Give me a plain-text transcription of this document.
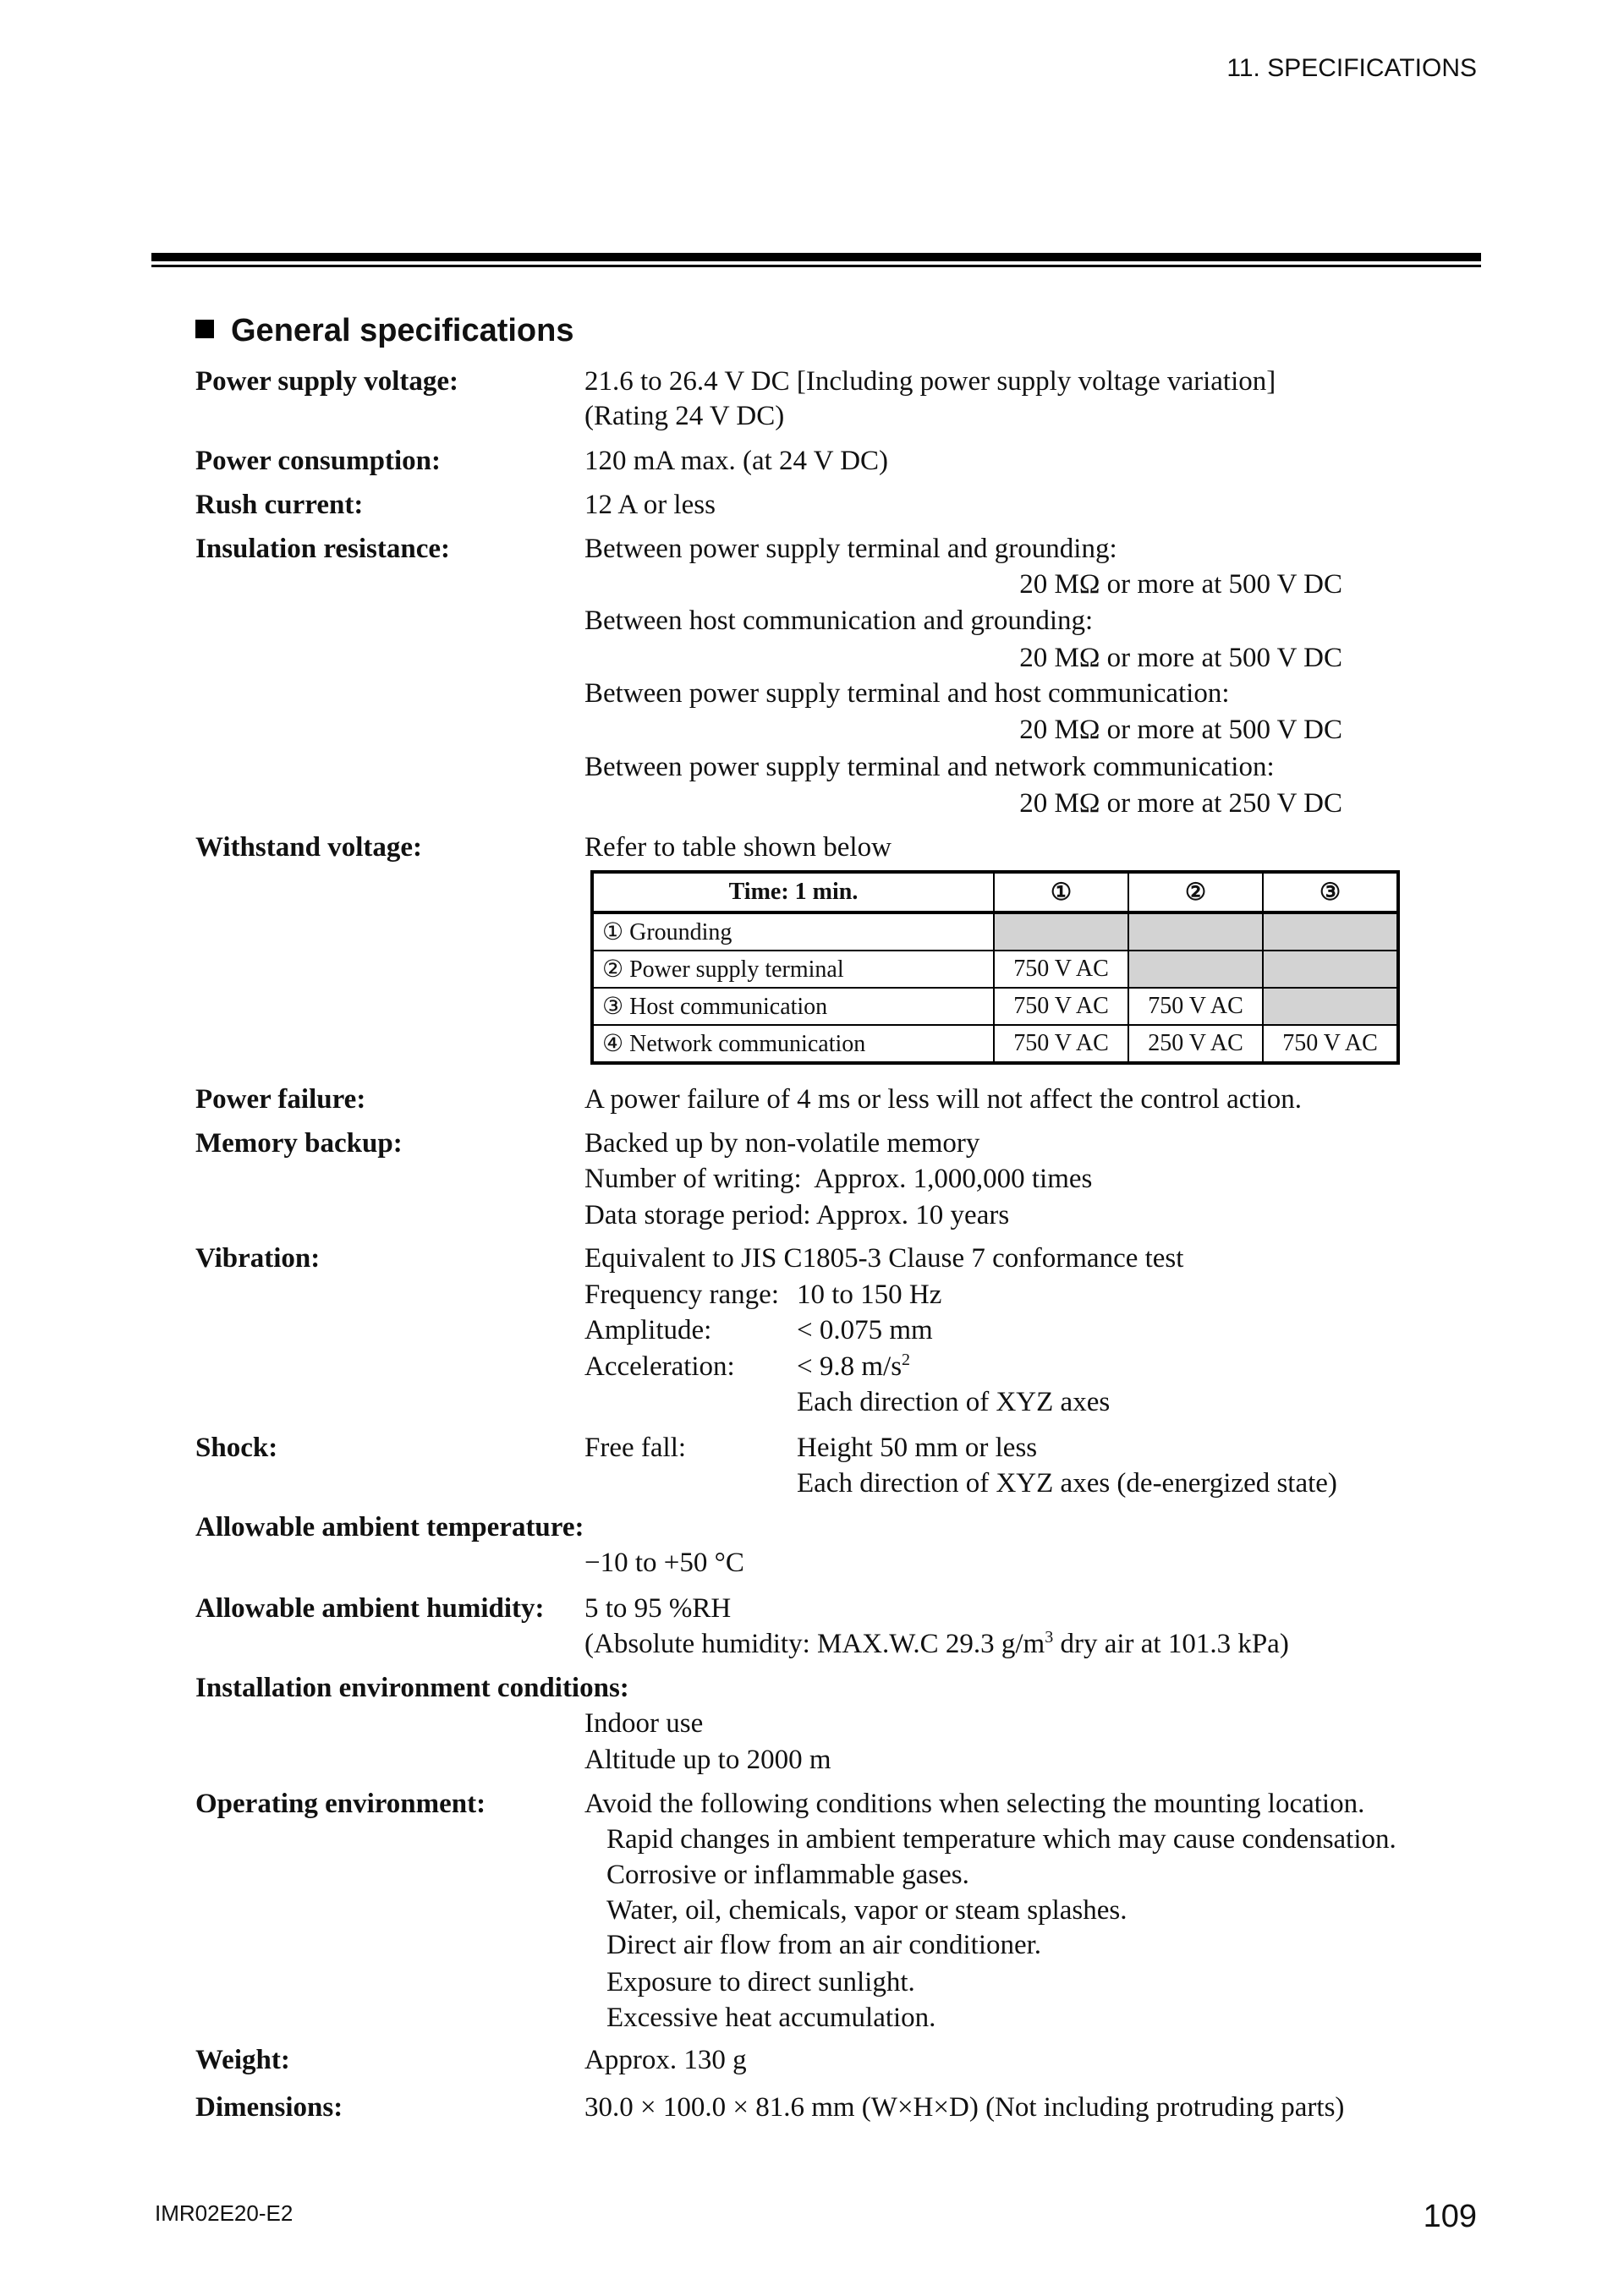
11. SPECIFICATIONS
General specifications
Power supply voltage:	21.6 to 26.4 V DC [Including power supply voltage variation]
(Rating 24 V DC)
Power consumption:	120 mA max. (at 24 V DC)
Rush current:	12 A or less
Insulation resistance:	Between power supply terminal and grounding:
20 MΩ or more at 500 V DC
Between host communication and grounding:
20 MΩ or more at 500 V DC
Between power supply terminal and host communication:
20 MΩ or more at 500 V DC
Between power supply terminal and network communication:
20 MΩ or more at 250 V DC
Withstand voltage:	Refer to table shown below
Time: 1 min.	①	②	③
① Grounding			
② Power supply terminal	750 V AC		
③ Host communication	750 V AC	750 V AC	
④ Network communication	750 V AC	250 V AC	750 V AC
Power failure:	A power failure of 4 ms or less will not affect the control action.
Memory backup:	Backed up by non-volatile memory
Number of writing:  Approx. 1,000,000 times
Data storage period: Approx. 10 years
Vibration:	Equivalent to JIS C1805-3 Clause 7 conformance test
Frequency range: 10 to 150 Hz
Amplitude:	< 0.075 mm
Acceleration: < 9.8 $m/s^2$
Each direction of XYZ axes
Shock:	Free fall:	Height 50 mm or less
Each direction of XYZ axes (de-energized state)
Allowable ambient temperature:
−10 to +50 °C
Allowable ambient humidity: 5 to 95 %RH
(Absolute humidity: MAX.W.C 29.3 $g/m^3$ dry air at 101.3 kPa)
Installation environment conditions:
Indoor use
Altitude up to 2000 m
Operating environment:	Avoid the following conditions when selecting the mounting location.
Rapid changes in ambient temperature which may cause condensation.
Corrosive or inflammable gases.
Water, oil, chemicals, vapor or steam splashes.
Direct air flow from an air conditioner.
Exposure to direct sunlight.
Excessive heat accumulation.
Weight:	Approx. 130 g
Dimensions:	30.0 × 100.0 × 81.6 mm (W×H×D) (Not including protruding parts)
IMR02E20-E2	109
